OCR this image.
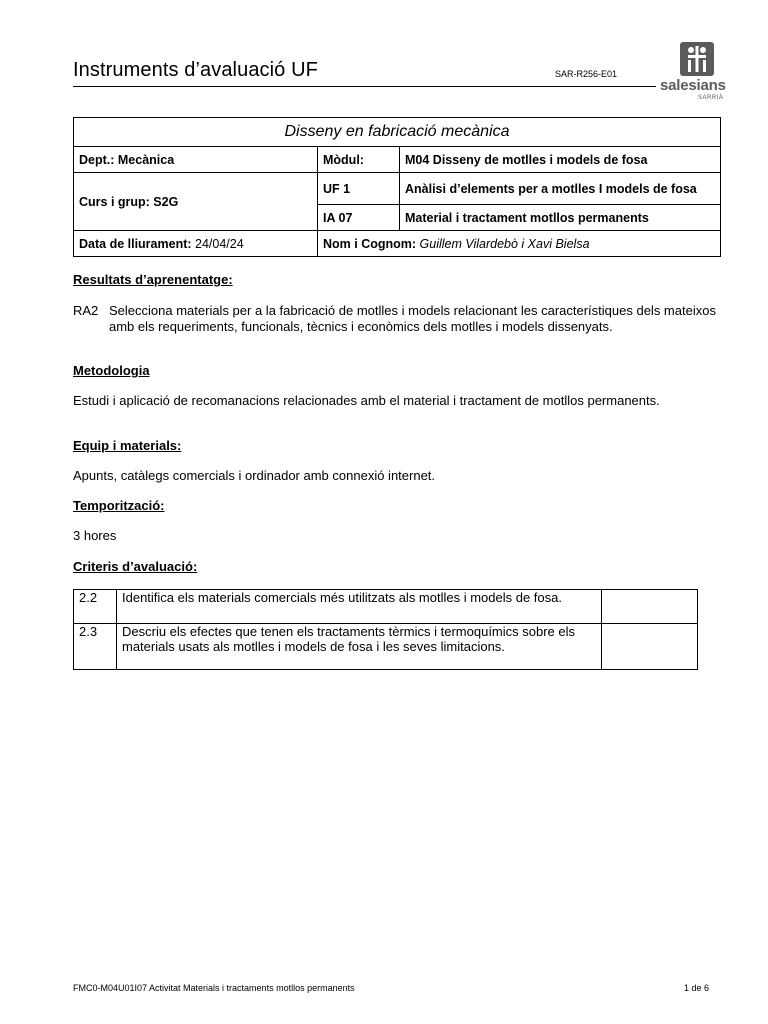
Instruments d’avaluació UF	SAR-R256-E01
salesians
SARRIÀ
Disseny en fabricació mecànica		
Dept.: Mecànica	Mòdul:	M04 Disseny de motlles i models de fosa
Curs i grup: S2G	UF 1	Anàlisi d’elements per a motlles I models de fosa
	IA 07	Material i tractament motllos permanents
Data de lliurament: 24/04/24	Nom i Cognom: Guillem Vilardebò i Xavi Bielsa	
Resultats d’aprenentatge:
RA2 Selecciona materials per a la fabricació de motlles i models relacionant les característiques dels mateixos amb els requeriments, funcionals, tècnics i econòmics dels motlles i models dissenyats.
Metodologia
Estudi i aplicació de recomanacions relacionades amb el material i tractament de motllos permanents.
Equip i materials:
Apunts, catàlegs comercials i ordinador amb connexió internet.
Temporització:
3 hores
Criteris d’avaluació:
2.2	Identifica els materials comercials més utilitzats als motlles i models de fosa.	
2.3	Descriu els efectes que tenen els tractaments tèrmics i termoquímics sobre els materials usats als motlles i models de fosa i les seves limitacions.	
FMC0-M04U01I07 Activitat Materials i tractaments motllos permanents	1 de 6
